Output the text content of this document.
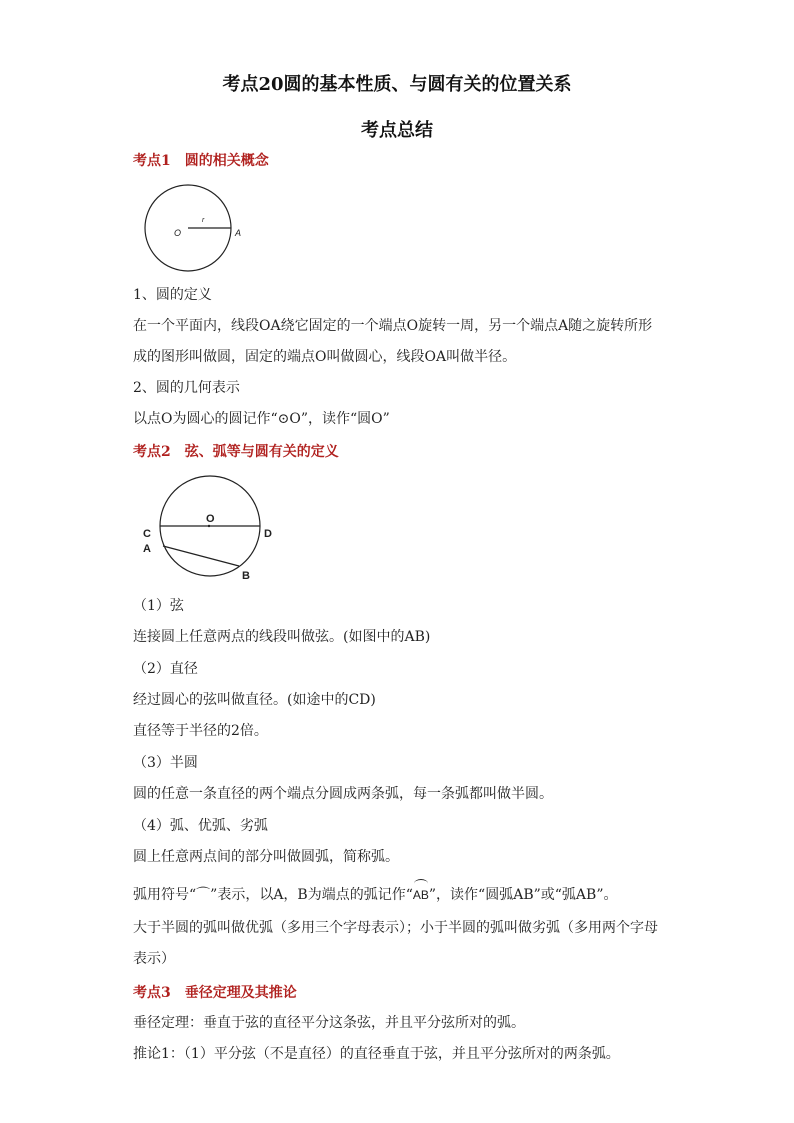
考点20圆的基本性质、与圆有关的位置关系
考点总结
考点1　圆的相关概念
O	A
r
1、圆的定义
在一个平面内，线段OA绕它固定的一个端点O旋转一周，另一个端点A随之旋转所形
成的图形叫做圆，固定的端点O叫做圆心，线段OA叫做半径。
2、圆的几何表示
以点O为圆心的圆记作“⊙O”，读作“圆O”
考点2　弦、弧等与圆有关的定义
O
C	D
A
B
（1）弦
连接圆上任意两点的线段叫做弦。(如图中的AB)
（2）直径
经过圆心的弦叫做直径。(如途中的CD)
直径等于半径的2倍。
（3）半圆
圆的任意一条直径的两个端点分圆成两条弧，每一条弧都叫做半圆。
（4）弧、优弧、劣弧
圆上任意两点间的部分叫做圆弧，简称弧。
弧用符号“⌒”表示，以A，B为端点的弧记作“AB”，读作“圆弧AB”或“弧AB”。
大于半圆的弧叫做优弧（多用三个字母表示）；小于半圆的弧叫做劣弧（多用两个字母
表示）
考点3　垂径定理及其推论
垂径定理：垂直于弦的直径平分这条弦，并且平分弦所对的弧。
推论1：（1）平分弦（不是直径）的直径垂直于弦，并且平分弦所对的两条弧。
